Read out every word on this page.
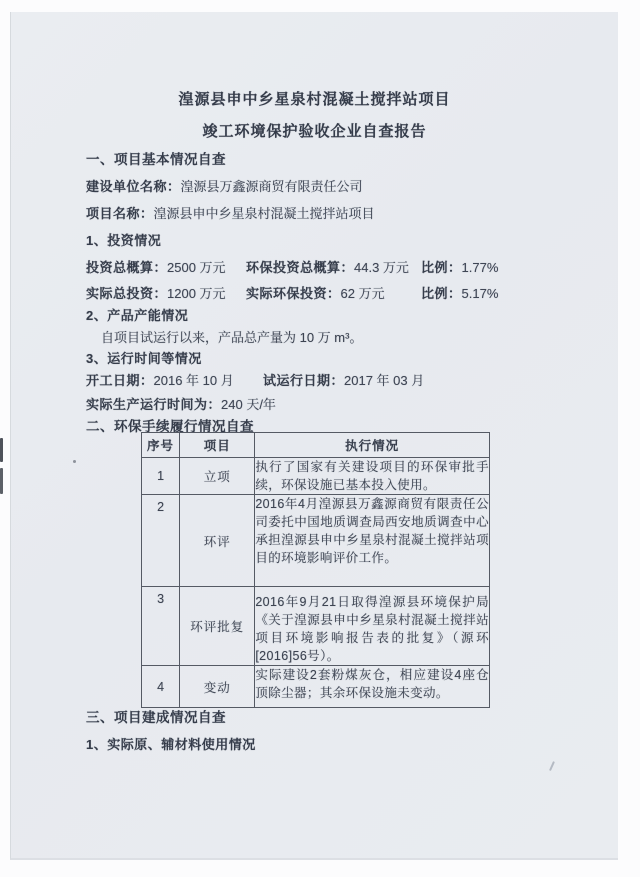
湟源县申中乡星泉村混凝土搅拌站项目
竣工环境保护验收企业自查报告
一、项目基本情况自查
建设单位名称：湟源县万鑫源商贸有限责任公司
项目名称：湟源县申中乡星泉村混凝土搅拌站项目
1、投资情况
投资总概算：2500 万元 环保投资总概算：44.3 万元 比例：1.77%
实际总投资：1200 万元 实际环保投资：62 万元	比例：5.17%
2、产品产能情况
自项目试运行以来，产品总产量为 10 万 m³。
3、运行时间等情况
开工日期：2016 年 10 月 试运行日期：2017 年 03 月
实际生产运行时间为：240 天/年
二、环保手续履行情况自查
序号	项目	执行情况
1	立项	执行了国家有关建设项目的环保审批手续，环保设施已基本投入使用。
2	环评	2016年4月湟源县万鑫源商贸有限责任公司委托中国地质调查局西安地质调查中心承担湟源县申中乡星泉村混凝土搅拌站项目的环境影响评价工作。
3	环评批复	2016年9月21日取得湟源县环境保护局《关于湟源县申中乡星泉村混凝土搅拌站项目环境影响报告表的批复》（源环[2016]56号）。
4	变动	实际建设2套粉煤灰仓，相应建设4座仓顶除尘器；其余环保设施未变动。
三、项目建成情况自查
1、实际原、辅材料使用情况
